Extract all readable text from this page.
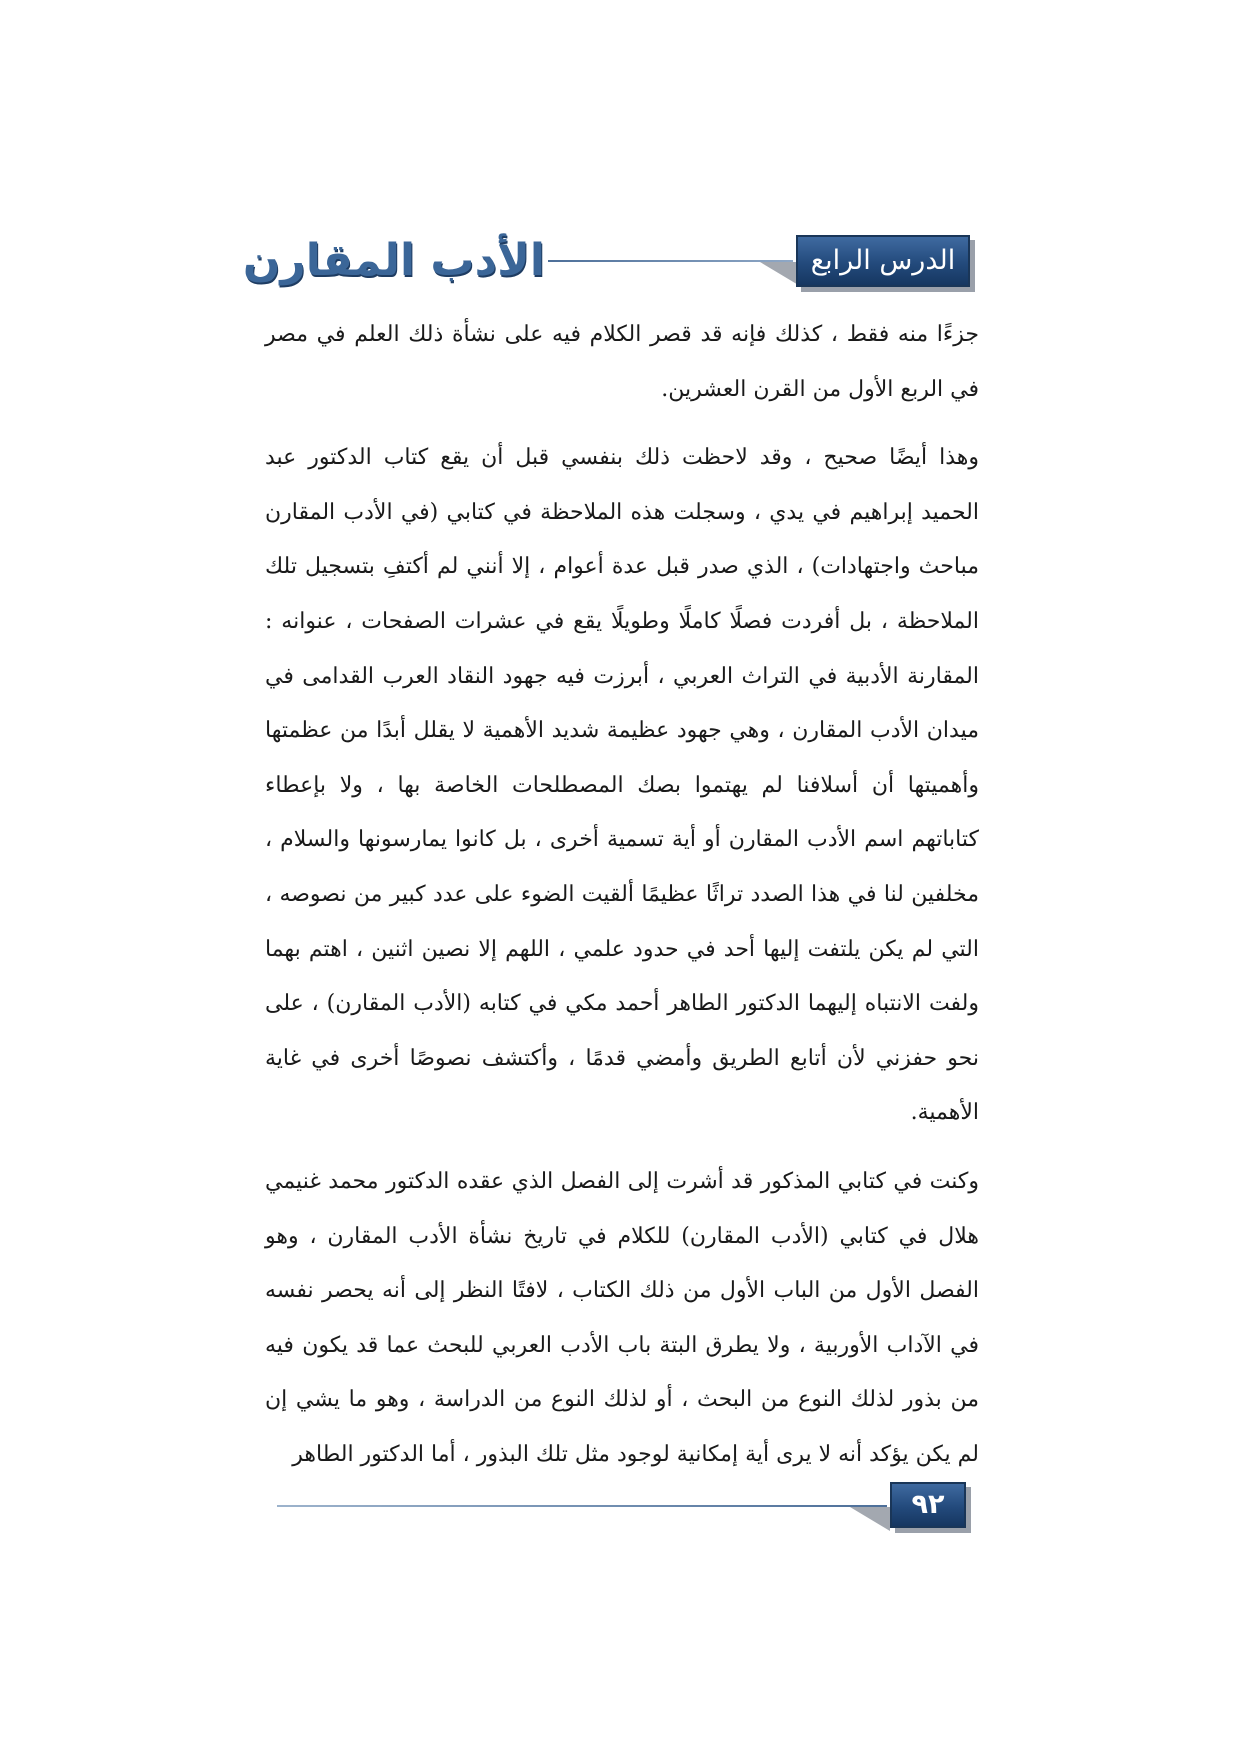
الدرس الرابع
الأدب المقارن

جزءًا منه فقط ، كذلك فإنه قد قصر الكلام فيه على نشأة ذلك العلم في مصر في الربع الأول من القرن العشرين.

وهذا أيضًا صحيح ، وقد لاحظت ذلك بنفسي قبل أن يقع كتاب الدكتور عبد الحميد إبراهيم في يدي ، وسجلت هذه الملاحظة في كتابي (في الأدب المقارن مباحث واجتهادات) ، الذي صدر قبل عدة أعوام ، إلا أنني لم أكتفِ بتسجيل تلك الملاحظة ، بل أفردت فصلًا كاملًا وطويلًا يقع في عشرات الصفحات ، عنوانه : المقارنة الأدبية في التراث العربي ، أبرزت فيه جهود النقاد العرب القدامى في ميدان الأدب المقارن ، وهي جهود عظيمة شديد الأهمية لا يقلل أبدًا من عظمتها وأهميتها أن أسلافنا لم يهتموا بصك المصطلحات الخاصة بها ، ولا بإعطاء كتاباتهم اسم الأدب المقارن أو أية تسمية أخرى ، بل كانوا يمارسونها والسلام ، مخلفين لنا في هذا الصدد تراثًا عظيمًا ألقيت الضوء على عدد كبير من نصوصه ، التي لم يكن يلتفت إليها أحد في حدود علمي ، اللهم إلا نصين اثنين ، اهتم بهما ولفت الانتباه إليهما الدكتور الطاهر أحمد مكي في كتابه (الأدب المقارن) ، على نحو حفزني لأن أتابع الطريق وأمضي قدمًا ، وأكتشف نصوصًا أخرى في غاية الأهمية.

وكنت في كتابي المذكور قد أشرت إلى الفصل الذي عقده الدكتور محمد غنيمي هلال في كتابي (الأدب المقارن) للكلام في تاريخ نشأة الأدب المقارن ، وهو الفصل الأول من الباب الأول من ذلك الكتاب ، لافتًا النظر إلى أنه يحصر نفسه في الآداب الأوربية ، ولا يطرق البتة باب الأدب العربي للبحث عما قد يكون فيه من بذور لذلك النوع من البحث ، أو لذلك النوع من الدراسة ، وهو ما يشي إن لم يكن يؤكد أنه لا يرى أية إمكانية لوجود مثل تلك البذور ، أما الدكتور الطاهر

٩٢
